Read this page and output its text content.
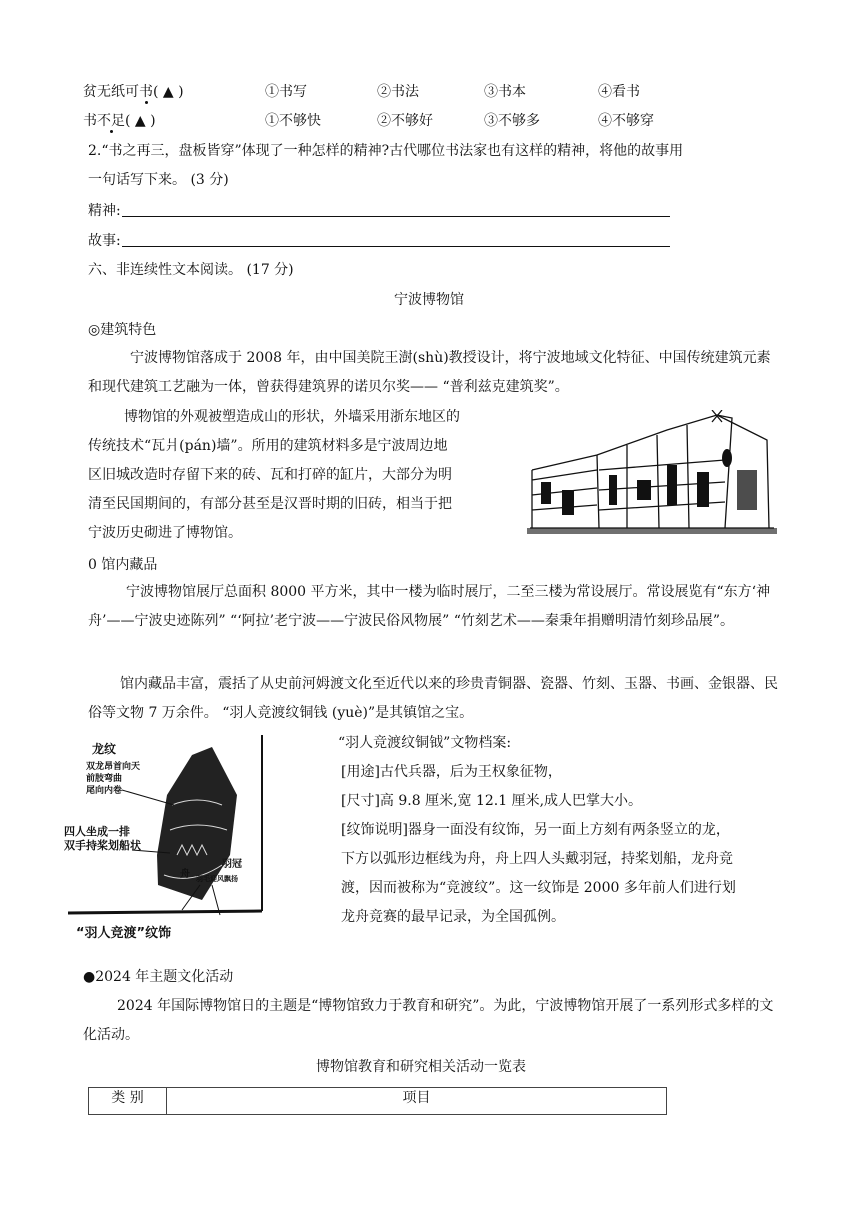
贫无纸可书( ▲ )	①书写	②书法	③书本	④看书
书不足( ▲ )	①不够快	②不够好	③不够多	④不够穿
2.“书之再三，盘板皆穿”体现了一种怎样的精神?古代哪位书法家也有这样的精神，将他的故事用
一句话写下来。 (3 分)
精神:
故事:
六、非连续性文本阅读。 (17 分)
宁波博物馆
◎建筑特色
宁波博物馆落成于 2008 年，由中国美院王澍(shù)教授设计，将宁波地域文化特征、中国传统建筑元素和现代建筑工艺融为一体，曾获得建筑界的诺贝尔奖—— “普利兹克建筑奖”。
博物馆的外观被塑造成山的形状，外墙采用浙东地区的
传统技术“瓦爿(pán)墙”。所用的建筑材料多是宁波周边地
区旧城改造时存留下来的砖、瓦和打碎的缸片，大部分为明
清至民国期间的，有部分甚至是汉晋时期的旧砖，相当于把
宁波历史砌进了博物馆。
0 馆内藏品
宁波博物馆展厅总面积 8000 平方米，其中一楼为临时展厅，二至三楼为常设展厅。常设展览有“东方‘神舟’——宁波史迹陈列” “‘阿拉’老宁波——宁波民俗风物展” “竹刻艺术——秦秉年捐赠明清竹刻珍品展”。
馆内藏品丰富，震括了从史前河姆渡文化至近代以来的珍贵青铜器、瓷器、竹刻、玉器、书画、金银器、民俗等文物 7 万余件。 “羽人竞渡纹铜钱 (yuè)”是其镇馆之宝。
龙纹
双龙昂首向天
前肢弯曲
尾向内卷
四人坐成一排
双手持桨划船状
舟
羽冠
羽毛迎风飘扬
“羽人竞渡”纹饰
“羽人竞渡纹铜钺”文物档案:
[用途]古代兵器，后为王权象征物，
[尺寸]高 9.8 厘米,宽 12.1 厘米,成人巴掌大小。
[纹饰说明]器身一面没有纹饰，另一面上方刻有两条竖立的龙，
下方以弧形边框线为舟，舟上四人头戴羽冠，持桨划船，龙舟竞
渡，因而被称为“竞渡纹”。这一纹饰是 2000 多年前人们进行划
龙舟竞赛的最早记录，为全国孤例。
●2024 年主题文化活动
2024 年国际博物馆日的主题是“博物馆致力于教育和研究”。为此，宁波博物馆开展了一系列形式多样的文化活动。
博物馆教育和研究相关活动一览表
类 别	项目
